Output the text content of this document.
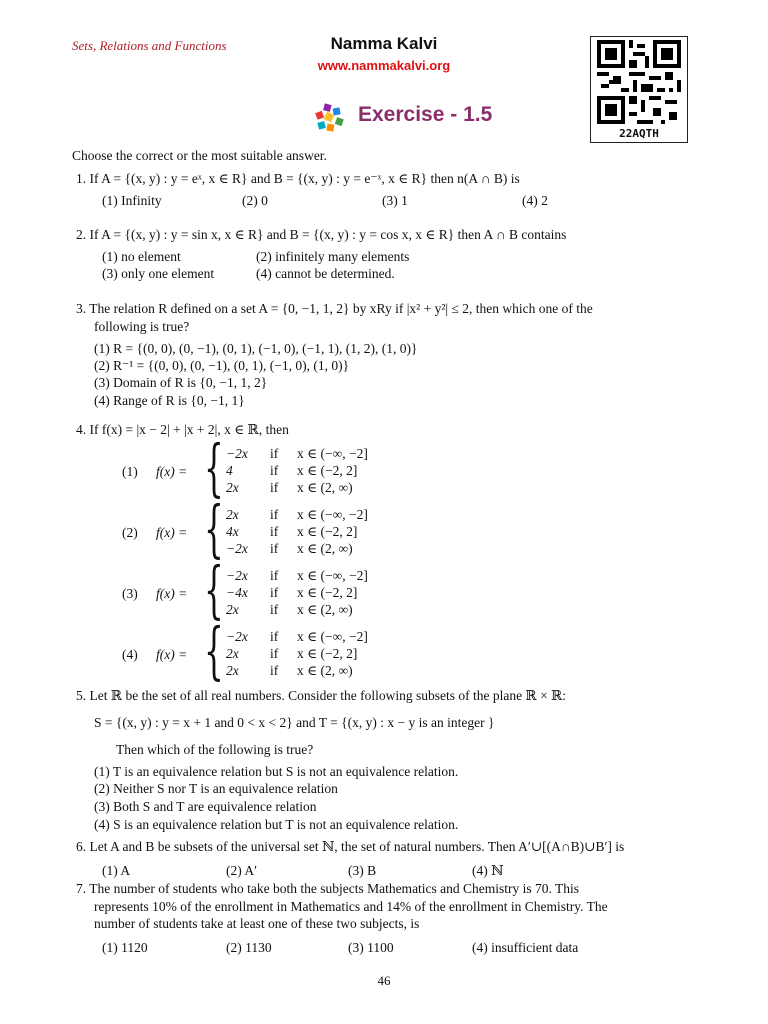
Sets, Relations and Functions	Namma Kalvi
www.nammakalvi.org
22AQTH
Exercise - 1.5
Choose the correct or the most suitable answer.
1. If A = {(x, y) : y = eˣ, x ∈ R} and B = {(x, y) : y = e⁻ˣ, x ∈ R} then n(A ∩ B) is
(1) Infinity	(2) 0	(3) 1	(4) 2
2. If A = {(x, y) : y = sin x, x ∈ R} and B = {(x, y) : y = cos x, x ∈ R} then A ∩ B contains
(1) no element	(2) infinitely many elements
(3) only one element	(4) cannot be determined.
3. The relation R defined on a set A = {0, −1, 1, 2} by xRy if |x² + y²| ≤ 2, then which one of the
following is true?
(1) R = {(0, 0), (0, −1), (0, 1), (−1, 0), (−1, 1), (1, 2), (1, 0)}
(2) R⁻¹ = {(0, 0), (0, −1), (0, 1), (−1, 0), (1, 0)}
(3) Domain of R is {0, −1, 1, 2}
(4) Range of R is {0, −1, 1}
4. If f(x) = |x − 2| + |x + 2|, x ∈ ℝ, then
(1) f(x) = { −2x if x ∈ (−∞, −2]
4	if x ∈ (−2, 2]
2x if x ∈ (2, ∞)
(2) f(x) = { 2x if x ∈ (−∞, −2]
4x if x ∈ (−2, 2]
−2x if x ∈ (2, ∞)
(3) f(x) = { −2x if x ∈ (−∞, −2]
−4x if x ∈ (−2, 2]
2x if x ∈ (2, ∞)
(4) f(x) = { −2x if x ∈ (−∞, −2]
2x if x ∈ (−2, 2]
2x if x ∈ (2, ∞)
5. Let ℝ be the set of all real numbers. Consider the following subsets of the plane ℝ × ℝ:
S = {(x, y) : y = x + 1 and 0 < x < 2} and T = {(x, y) : x − y is an integer }
Then which of the following is true?
(1) T is an equivalence relation but S is not an equivalence relation.
(2) Neither S nor T is an equivalence relation
(3) Both S and T are equivalence relation
(4) S is an equivalence relation but T is not an equivalence relation.
6. Let A and B be subsets of the universal set ℕ, the set of natural numbers. Then A′∪[(A∩B)∪B′] is
(1) A	(2) A′	(3) B	(4) ℕ
7. The number of students who take both the subjects Mathematics and Chemistry is 70. This
represents 10% of the enrollment in Mathematics and 14% of the enrollment in Chemistry. The
number of students take at least one of these two subjects, is
(1) 1120	(2) 1130	(3) 1100	(4) insufficient data
46
